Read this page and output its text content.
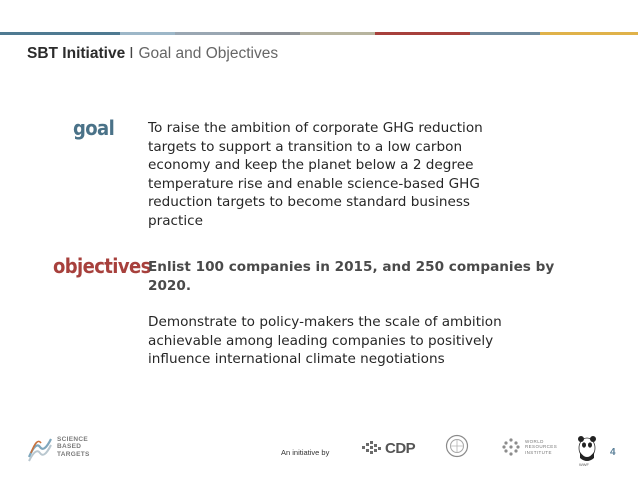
SBT Initiative I Goal and Objectives
goal To raise the ambition of corporate GHG reduction
targets to support a transition to a low carbon
economy and keep the planet below a 2 degree
temperature rise and enable science-based GHG
reduction targets to become standard business
practice
objectives
Enlist 100 companies in 2015, and 250 companies by
2020.
Demonstrate to policy-makers the scale of ambition
achievable among leading companies to positively
influence international climate negotiations
SCIENCE
BASED
TARGETS	An initiative by	CDP	WORLD
RESOURCES
INSTITUTE
WWF
4
